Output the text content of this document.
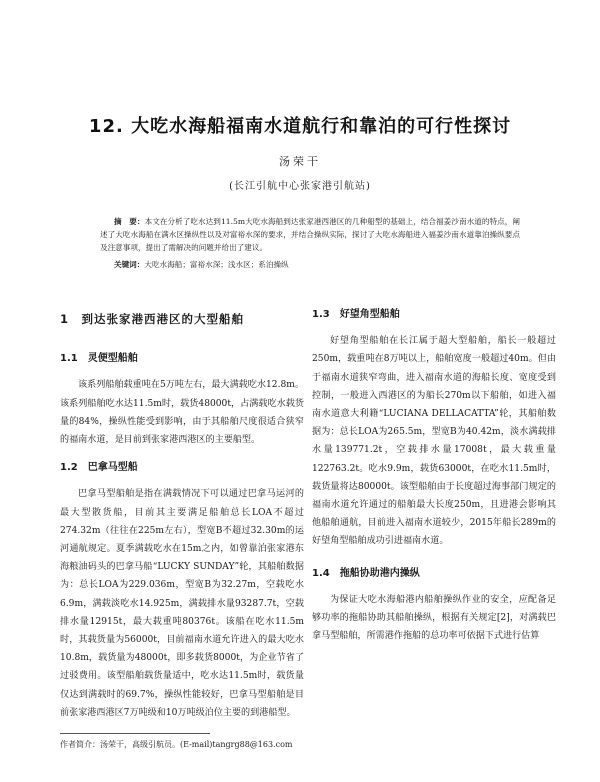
12. 大吃水海船福南水道航行和靠泊的可行性探讨
汤荣干
(长江引航中心张家港引航站)

摘　要：本文在分析了吃水达到11.5m大吃水海船到达张家港西港区的几种船型的基础上，结合福姜沙南水道的特点，阐述了大吃水海船在满水区操纵性以及对富裕水深的要求，并结合操纵实际，探讨了大吃水海船进入福姜沙南水道靠泊操纵要点及注意事项，提出了需解决的问题并给出了建议。

关键词：大吃水海船；富裕水深；浅水区；系泊操纵

1　到达张家港西港区的大型船舶
1.1　灵便型船舶

该系列船舶载重吨在5万吨左右，最大满载吃水12.8m。该系列船舶吃水达11.5m时，载货48000t，占满载吃水载货量的84%，操纵性能受到影响，由于其船舶尺度很适合狭窄的福南水道，是目前到张家港西港区的主要船型。

1.2　巴拿马型船

巴拿马型船舶是指在满载情况下可以通过巴拿马运河的最大型散货船，目前其主要满足船舶总长LOA不超过274.32m（往往在225m左右），型宽B不超过32.30m的运河通航规定。夏季满载吃水在15m之内，如曾靠泊张家港东海粮油码头的巴拿马船“LUCKY SUNDAY”轮，其船舶数据为：总长LOA为229.036m，型宽B为32.27m，空载吃水6.9m，满载淡吃水14.925m，满载排水量93287.7t，空载排水量12915t，最大载重吨80376t。该船在吃水11.5m时，其载货量为56000t，目前福南水道允许进入的最大吃水10.8m，载货量为48000t，即多载货8000t，为企业节省了过驳费用。该型船舶载货量适中，吃水达11.5m时，载货量仅达到满载时的69.7%，操纵性能较好，巴拿马型船舶是目前张家港西港区7万吨级和10万吨级泊位主要的到港船型。

1.3　好望角型船舶

好望角型船舶在长江属于超大型船舶，船长一般超过250m，载重吨在8万吨以上，船舶宽度一般超过40m。但由于福南水道狭窄弯曲，进入福南水道的海船长度、宽度受到控制，一般进入西港区的为船长270m以下船舶，如进入福南水道意大利籍“LUCIANA DELLACATTA”轮，其船舶数据为：总长LOA为265.5m，型宽B为40.42m，淡水满载排水量139771.2t，空载排水量17008t，最大载重量122763.2t。吃水9.9m，载货63000t，在吃水11.5m时，载货量将达80000t。该型船舶由于长度超过海事部门规定的福南水道允许通过的船舶最大长度250m，且进港会影响其他船舶通航，目前进入福南水道较少，2015年船长289m的好望角型船舶成功引进福南水道。

1.4　拖船协助港内操纵

为保证大吃水海船港内船舶操纵作业的安全，应配备足够功率的拖船协助其船舶操纵，根据有关规定[2]，对满载巴拿马型船舶，所需港作拖船的总功率可依据下式进行估算

作者简介：汤荣干，高级引航员。(E-mail)tangrg88@163.com
